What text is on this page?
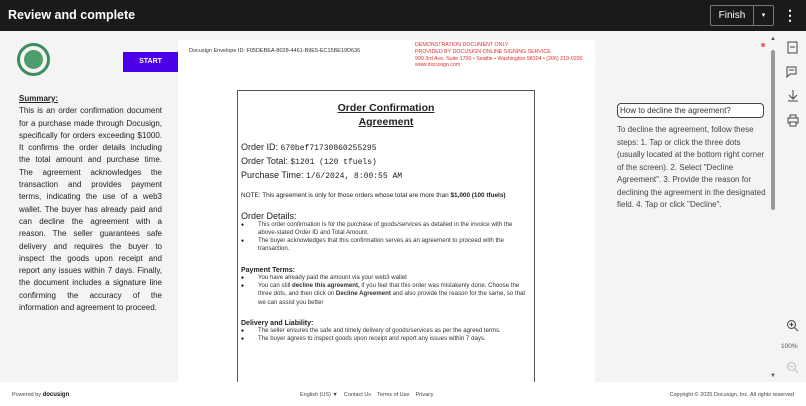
Review and complete	Finish	▾	⋮
START
Summary:

This is an order confirmation document for a purchase made through Docusign, specifically for orders exceeding $1000. It confirms the order details including the total amount and purchase time. The agreement acknowledges the transaction and provides payment terms, indicating the use of a web3 wallet. The buyer has already paid and can decline the agreement with a reason. The seller guarantees safe delivery and requires the buyer to inspect the goods upon receipt and report any issues within 7 days. Finally, the document includes a signature line confirming the accuracy of the information and agreement to proceed.

Docusign Envelope ID: F05DEBEA-8028-4461-B9E5-EC15BE19D636
DEMONSTRATION DOCUMENT ONLY
PROVIDED BY DOCUSIGN ONLINE SIGNING SERVICE
999 3rd Ave, Suite 1700 • Seattle • Washington 98104 • (206) 219-0200
www.docusign.com
Order Confirmation
Agreement
Order ID: 670bef71730860255295
Order Total: $1201 (120 tfuels)
Purchase Time: 1/6/2024, 8:00:55 AM
NOTE: This agreement is only for those orders whose total are more than $1,000 (100 tfuels)
Order Details:
● This order confirmation is for the purchase of goods/services as detailed in the invoice with the above-stated Order ID and Total Amount.
● The buyer acknowledges that this confirmation serves as an agreement to proceed with the transaction.
Payment Terms:
● You have already paid the amount via your web3 wallet
● You can still decline this agreement, if you feel that this order was mistakenly done. Choose the three dots, and then click on Decline Agreement and also provide the reason for the same, so that we can assist you better
Delivery and Liability:
● The seller ensures the safe and timely delivery of goods/services as per the agreed terms.
● The buyer agrees to inspect goods upon receipt and report any issues within 7 days.
How to decline the agreement?
To decline the agreement, follow these steps: 1. Tap or click the three dots (usually located at the bottom right corner of the screen). 2. Select "Decline Agreement". 3. Provide the reason for declining the agreement in the designated field. 4. Tap or click "Decline".
▲
▼
100%
Powered by docusign	English (US) ▼ Contact Us Terms of Use Privacy	Copyright © 2025 Docusign, Inc. All rights reserved
